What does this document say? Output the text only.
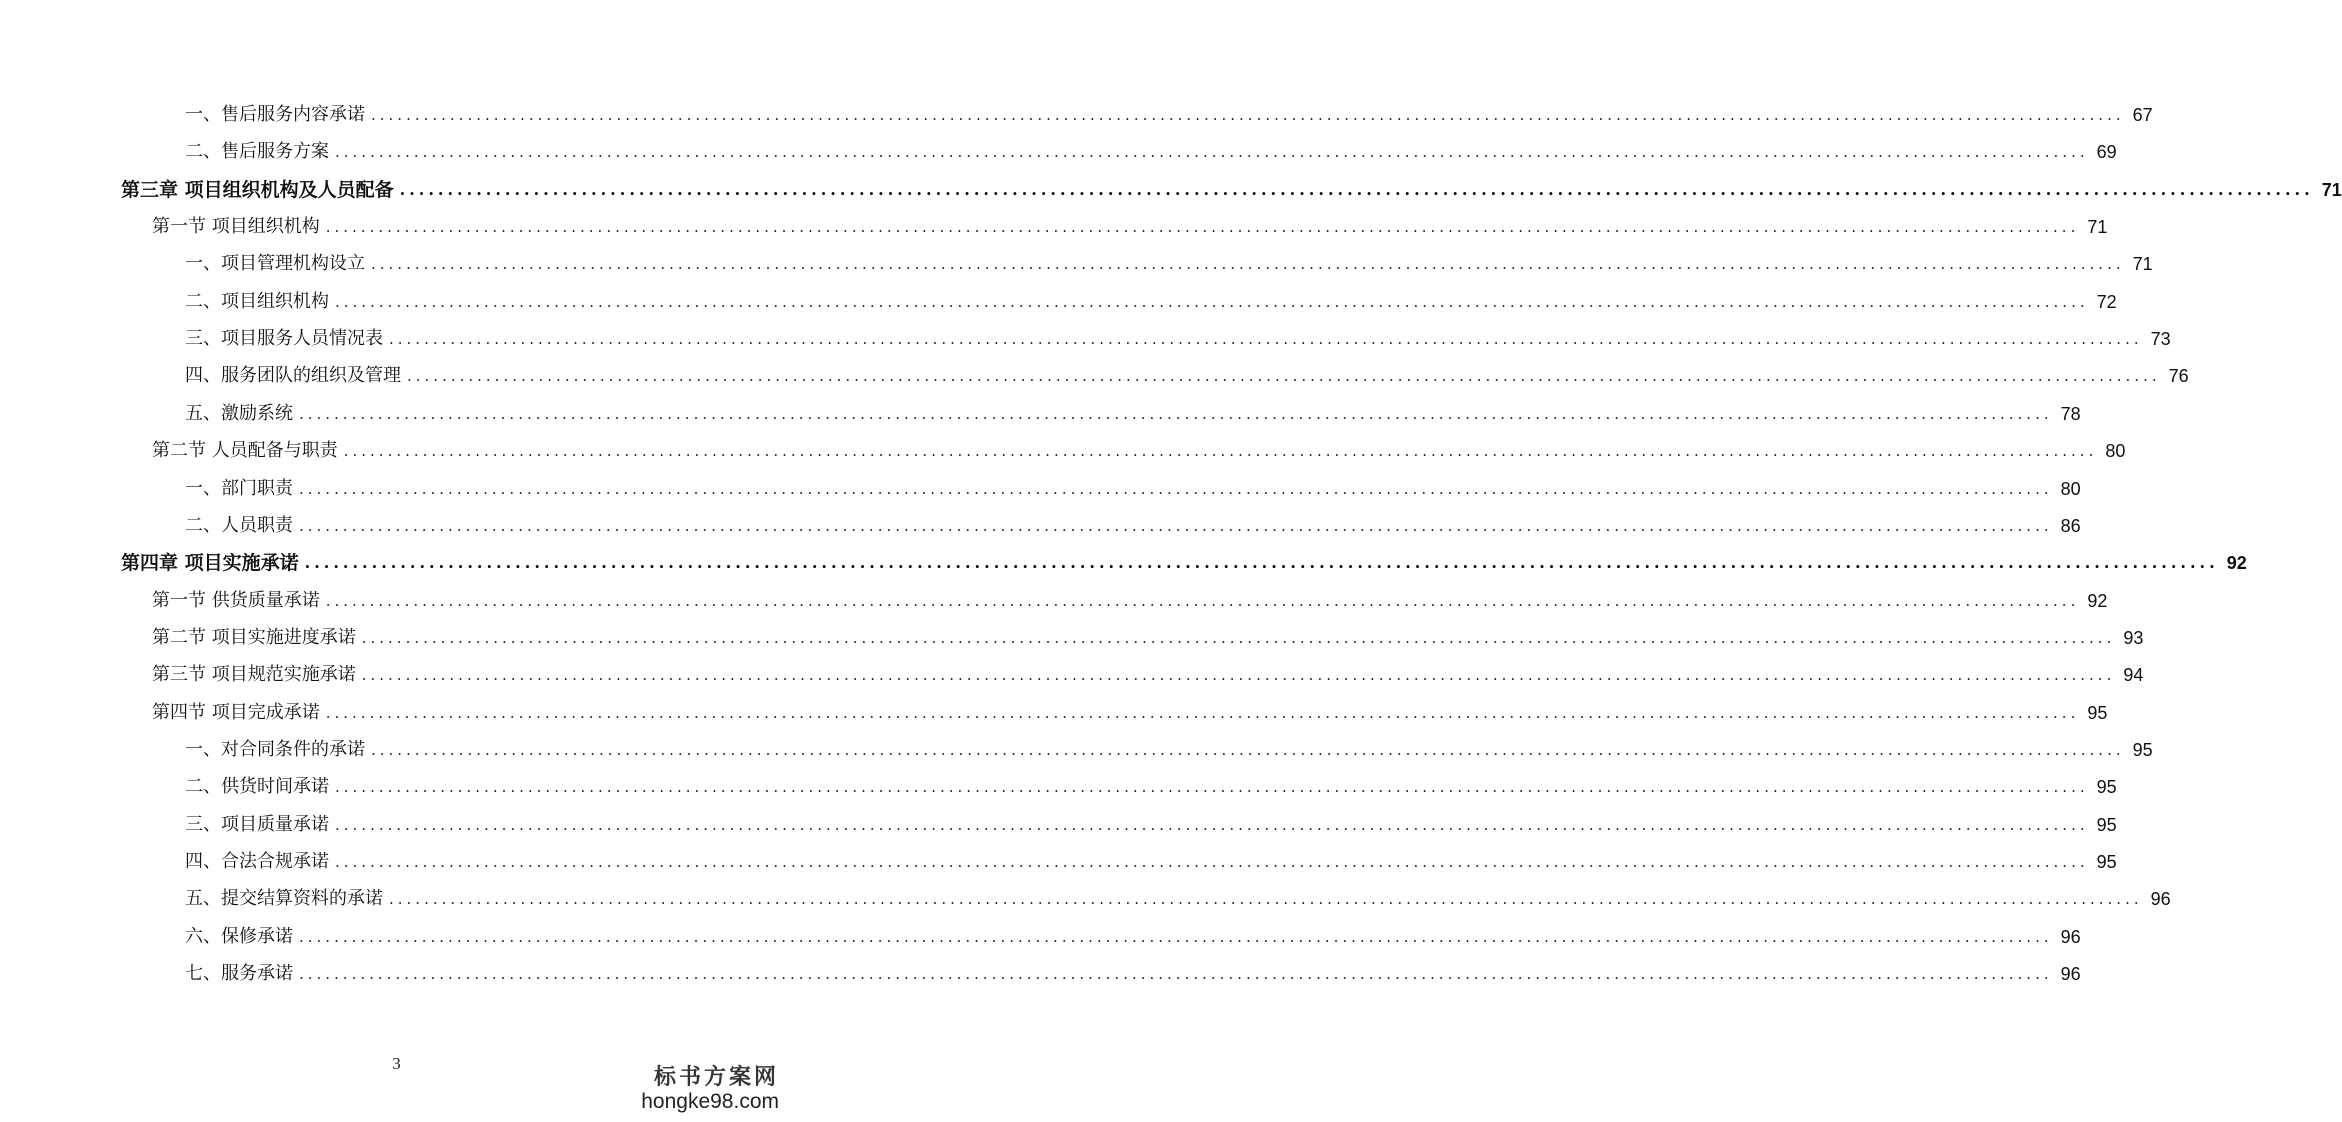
一、售后服务内容承诺 ........................................................................................................................................................................................................ 67
二、售后服务方案 ........................................................................................................................................................................................................ 69
第三章 项目组织机构及人员配备 ........................................................................................................................................................................................................ 71
第一节 项目组织机构 ........................................................................................................................................................................................................ 71
一、项目管理机构设立 ........................................................................................................................................................................................................ 71
二、项目组织机构 ........................................................................................................................................................................................................ 72
三、项目服务人员情况表 ........................................................................................................................................................................................................ 73
四、服务团队的组织及管理 ........................................................................................................................................................................................................ 76
五、激励系统 ........................................................................................................................................................................................................ 78
第二节 人员配备与职责 ........................................................................................................................................................................................................ 80
一、部门职责 ........................................................................................................................................................................................................ 80
二、人员职责 ........................................................................................................................................................................................................ 86
第四章 项目实施承诺 ........................................................................................................................................................................................................ 92
第一节 供货质量承诺 ........................................................................................................................................................................................................ 92
第二节 项目实施进度承诺 ........................................................................................................................................................................................................ 93
第三节 项目规范实施承诺 ........................................................................................................................................................................................................ 94
第四节 项目完成承诺 ........................................................................................................................................................................................................ 95
一、对合同条件的承诺 ........................................................................................................................................................................................................ 95
二、供货时间承诺 ........................................................................................................................................................................................................ 95
三、项目质量承诺 ........................................................................................................................................................................................................ 95
四、合法合规承诺 ........................................................................................................................................................................................................ 95
五、提交结算资料的承诺 ........................................................................................................................................................................................................ 96
六、保修承诺 ........................................................................................................................................................................................................ 96
七、服务承诺 ........................................................................................................................................................................................................ 96
3
标书方案网
hongke98.com
